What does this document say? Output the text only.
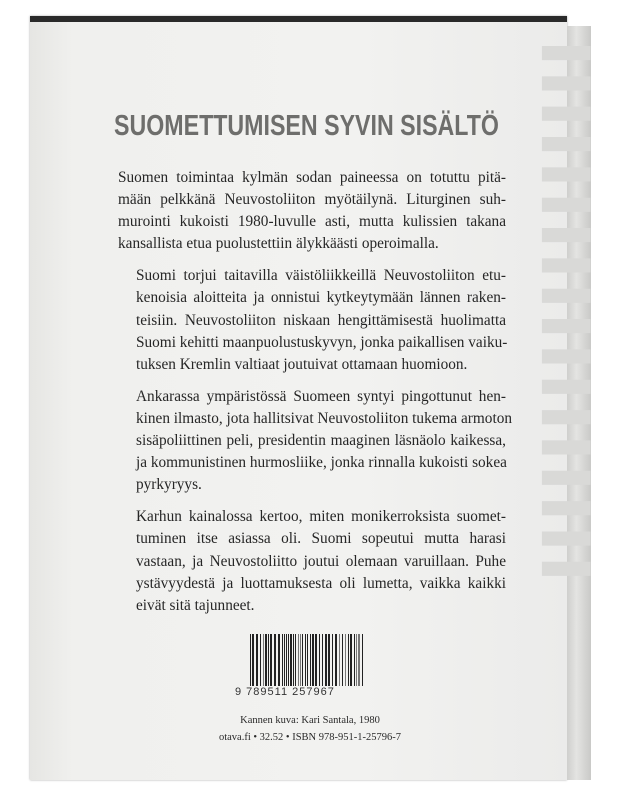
SUOMETTUMISEN SYVIN SISÄLTÖ

Suomen toimintaa kylmän sodan paineessa on totuttu pitä-
mään pelkkänä Neuvostoliiton myötäilynä. Liturginen suh-
murointi kukoisti 1980-luvulle asti, mutta kulissien takana
kansallista etua puolustettiin älykkäästi operoimalla.

Suomi torjui taitavilla väistöliikkeillä Neuvostoliiton etu-
kenoisia aloitteita ja onnistui kytkeytymään lännen raken-
teisiin. Neuvostoliiton niskaan hengittämisestä huolimatta
Suomi kehitti maanpuolustuskyvyn, jonka paikallisen vaiku-
tuksen Kremlin valtiaat joutuivat ottamaan huomioon.

Ankarassa ympäristössä Suomeen syntyi pingottunut hen-
kinen ilmasto, jota hallitsivat Neuvostoliiton tukema armoton
sisäpoliittinen peli, presidentin maaginen läsnäolo kaikessa,
ja kommunistinen hurmosliike, jonka rinnalla kukoisti sokea
pyrkyryys.

Karhun kainalossa kertoo, miten monikerroksista suomet-
tuminen itse asiassa oli. Suomi sopeutui mutta harasi
vastaan, ja Neuvostoliitto joutui olemaan varuillaan. Puhe
ystävyydestä ja luottamuksesta oli lumetta, vaikka kaikki
eivät sitä tajunneet.

9 789511 257967
Kannen kuva: Kari Santala, 1980
otava.fi • 32.52 • ISBN 978-951-1-25796-7
▌▌▌▌▌▌▌▌▌▌▌▌▌▌▌▌▌▌
